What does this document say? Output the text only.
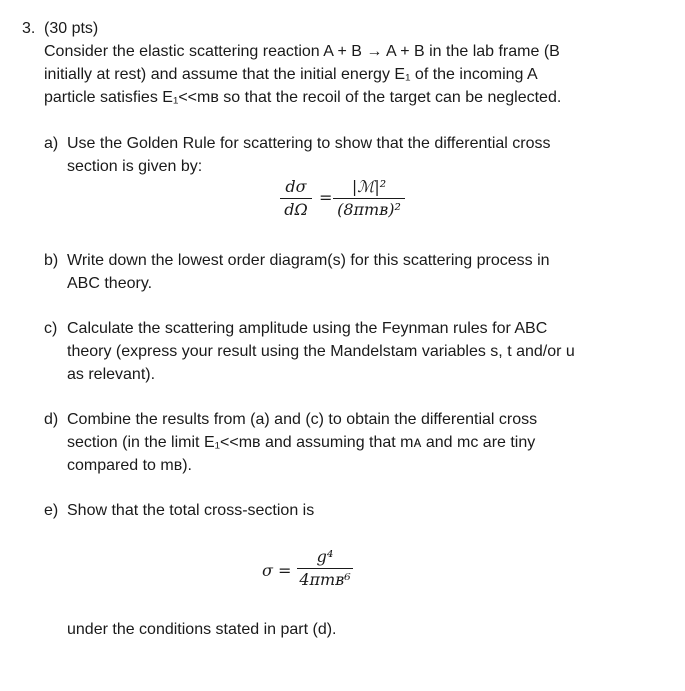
3. (30 pts)
Consider the elastic scattering reaction A + B → A + B in the lab frame (B
initially at rest) and assume that the initial energy E₁ of the incoming A
particle satisfies E₁<<mʙ so that the recoil of the target can be neglected.
a) Use the Golden Rule for scattering to show that the differential cross
section is given by:
dσ
dΩ
=
|ℳ|²
(8πmʙ)²
b) Write down the lowest order diagram(s) for this scattering process in
ABC theory.
c) Calculate the scattering amplitude using the Feynman rules for ABC
theory (express your result using the Mandelstam variables s, t and/or u
as relevant).
d) Combine the results from (a) and (c) to obtain the differential cross
section (in the limit E₁<<mʙ and assuming that mᴀ and mᴄ are tiny
compared to mʙ).
e) Show that the total cross-section is
σ =
g⁴
4πmʙ⁶
under the conditions stated in part (d).
